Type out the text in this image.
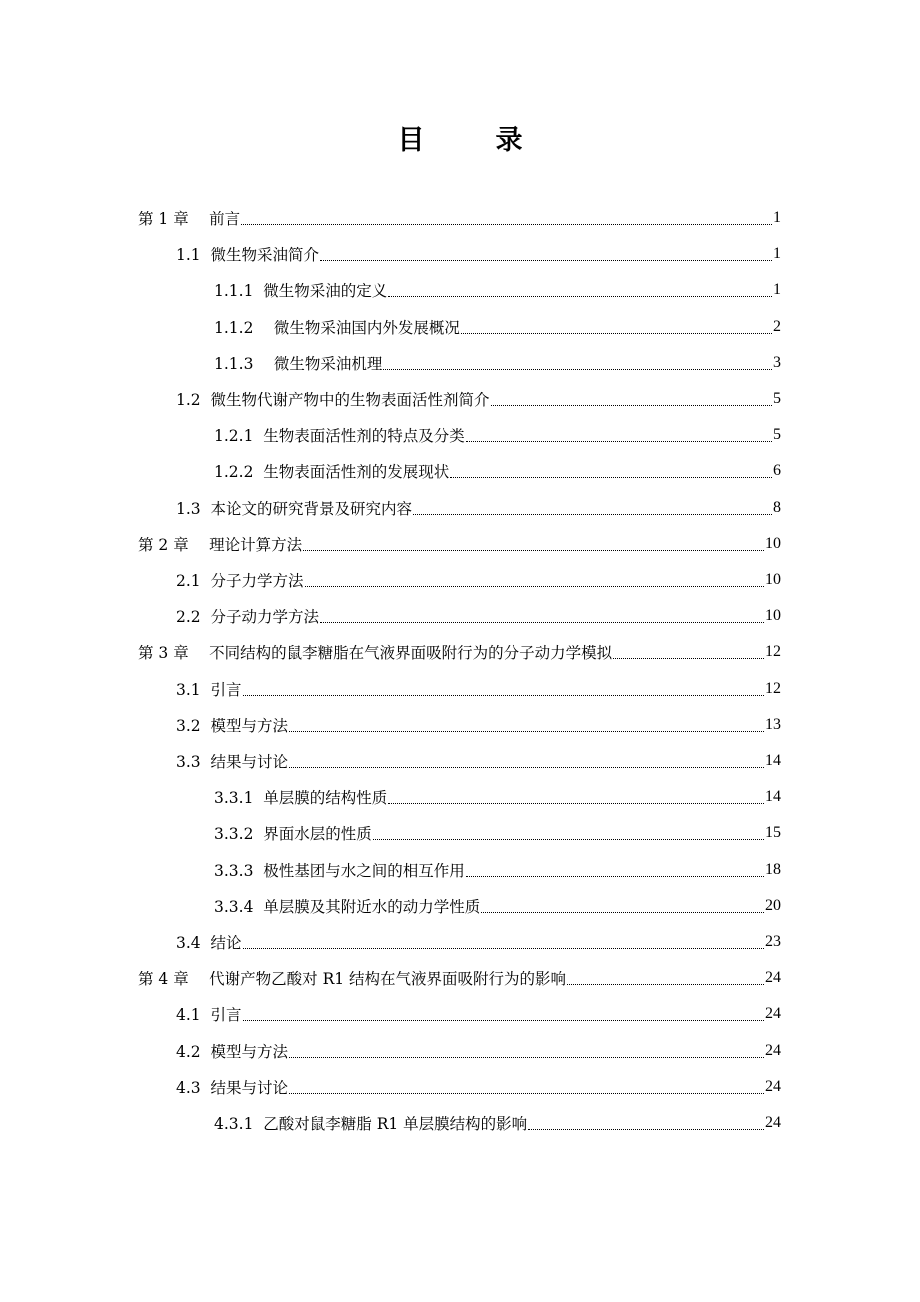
目　录
第 1 章　 前言	1
1.1  微生物采油简介	1
1.1.1  微生物采油的定义	1
1.1.2　 微生物采油国内外发展概况	2
1.1.3　 微生物采油机理	3
1.2  微生物代谢产物中的生物表面活性剂简介	5
1.2.1  生物表面活性剂的特点及分类	5
1.2.2  生物表面活性剂的发展现状	6
1.3  本论文的研究背景及研究内容	8
第 2 章　 理论计算方法	10
2.1  分子力学方法	10
2.2  分子动力学方法	10
第 3 章　 不同结构的鼠李糖脂在气液界面吸附行为的分子动力学模拟	12
3.1  引言	12
3.2  模型与方法	13
3.3  结果与讨论	14
3.3.1  单层膜的结构性质	14
3.3.2  界面水层的性质	15
3.3.3  极性基团与水之间的相互作用	18
3.3.4  单层膜及其附近水的动力学性质	20
3.4  结论	23
第 4 章　 代谢产物乙酸对 R1 结构在气液界面吸附行为的影响	24
4.1  引言	24
4.2  模型与方法	24
4.3  结果与讨论	24
4.3.1  乙酸对鼠李糖脂 R1 单层膜结构的影响	24
